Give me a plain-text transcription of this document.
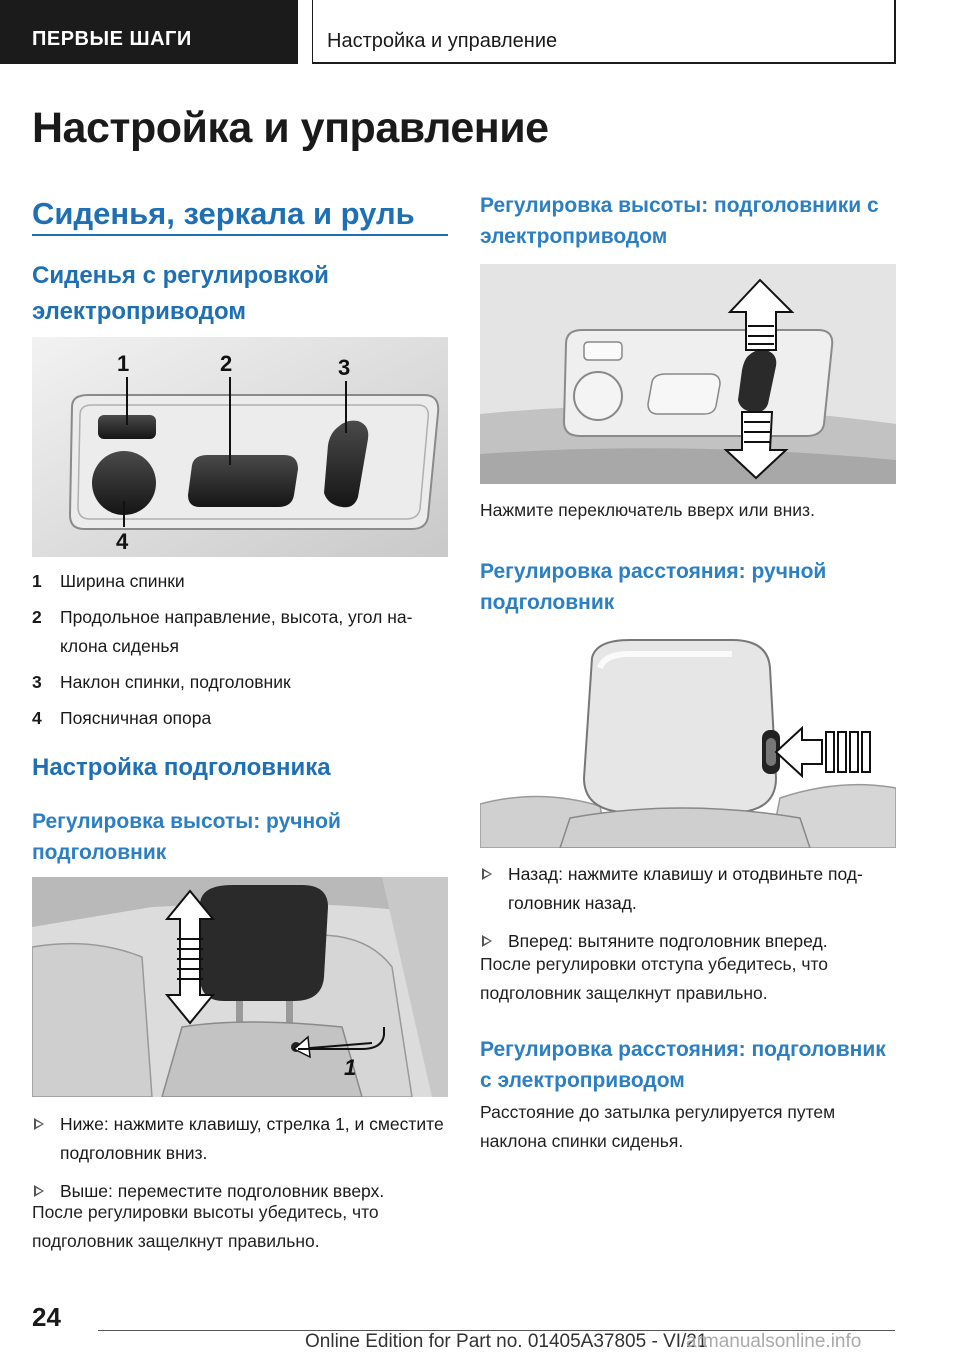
ПЕРВЫЕ ШАГИ	Настройка и управление
Настройка и управление
Сиденья, зеркала и руль
Сиденья с регулировкой электроприводом
1	2	3
4
1 Ширина спинки
2 Продольное направление, высота, угол наклона сиденья
3 Наклон спинки, подголовник
4 Поясничная опора
Настройка подголовника
Регулировка высоты: ручной подголовник
1
Ниже: нажмите клавишу, стрелка 1, и сместите подголовник вниз.
Выше: переместите подголовник вверх.

После регулировки высоты убедитесь, что подголовник защелкнут правильно.

Регулировка высоты: подголовники с электроприводом

Нажмите переключатель вверх или вниз.

Регулировка расстояния: ручной подголовник
Назад: нажмите клавишу и отодвиньте подголовник назад.
Вперед: вытяните подголовник вперед.

После регулировки отступа убедитесь, что подголовник защелкнут правильно.

Регулировка расстояния: подголовник с электроприводом

Расстояние до затылка регулируется путем наклона спинки сиденья.

24
Online Edition for Part no. 01405A37805 - VI/21
armanualsonline.info
